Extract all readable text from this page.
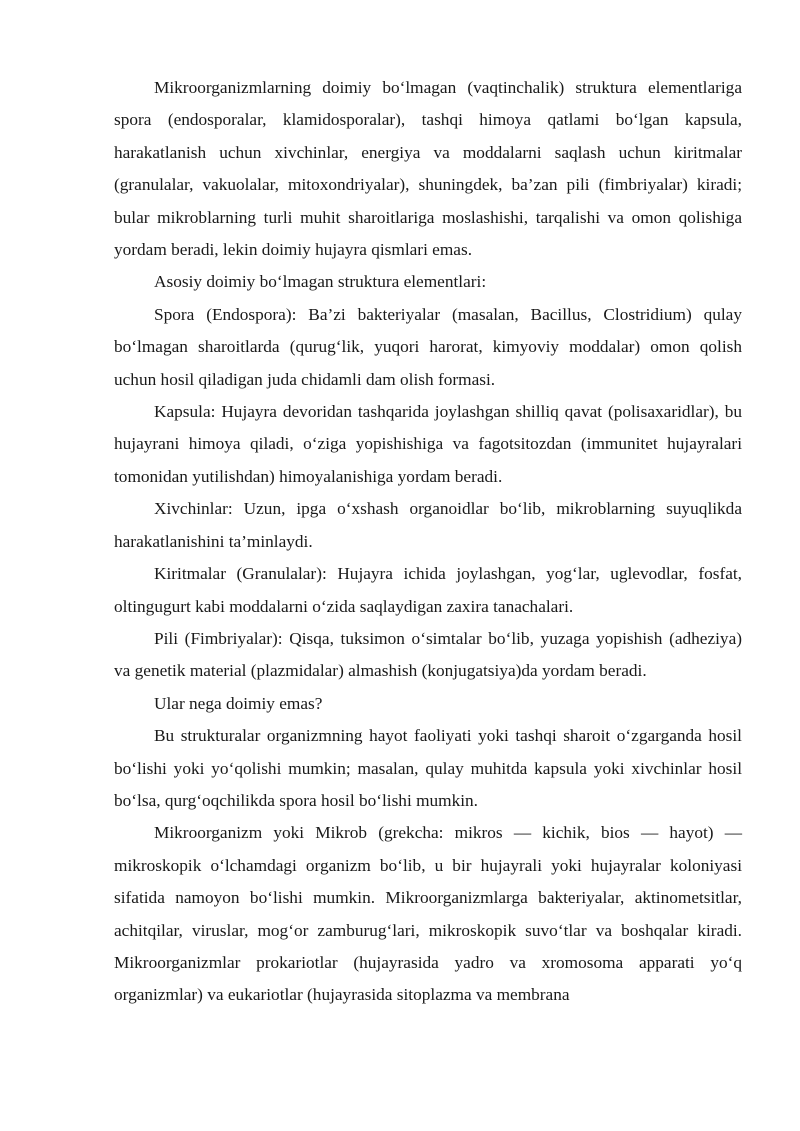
Mikroorganizmlarning doimiy bo‘lmagan (vaqtinchalik) struktura elementlariga spora (endosporalar, klamidosporalar), tashqi himoya qatlami bo‘lgan kapsula, harakatlanish uchun xivchinlar, energiya va moddalarni saqlash uchun kiritmalar (granulalar, vakuolalar, mitoxondriyalar), shuningdek, ba’zan pili (fimbriyalar) kiradi; bular mikroblarning turli muhit sharoitlariga moslashishi, tarqalishi va omon qolishiga yordam beradi, lekin doimiy hujayra qismlari emas.

Asosiy doimiy bo‘lmagan struktura elementlari:

Spora (Endospora): Ba’zi bakteriyalar (masalan, Bacillus, Clostridium) qulay bo‘lmagan sharoitlarda (qurug‘lik, yuqori harorat, kimyoviy moddalar) omon qolish uchun hosil qiladigan juda chidamli dam olish formasi.

Kapsula: Hujayra devoridan tashqarida joylashgan shilliq qavat (polisaxaridlar), bu hujayrani himoya qiladi, o‘ziga yopishishiga va fagotsitozdan (immunitet hujayralari tomonidan yutilishdan) himoyalanishiga yordam beradi.

Xivchinlar: Uzun, ipga o‘xshash organoidlar bo‘lib, mikroblarning suyuqlikda harakatlanishini ta’minlaydi.

Kiritmalar (Granulalar): Hujayra ichida joylashgan, yog‘lar, uglevodlar, fosfat, oltingugurt kabi moddalarni o‘zida saqlaydigan zaxira tanachalari.

Pili (Fimbriyalar): Qisqa, tuksimon o‘simtalar bo‘lib, yuzaga yopishish (adheziya) va genetik material (plazmidalar) almashish (konjugatsiya)da yordam beradi.

Ular nega doimiy emas?

Bu strukturalar organizmning hayot faoliyati yoki tashqi sharoit o‘zgarganda hosil bo‘lishi yoki yo‘qolishi mumkin; masalan, qulay muhitda kapsula yoki xivchinlar hosil bo‘lsa, qurg‘oqchilikda spora hosil bo‘lishi mumkin.

Mikroorganizm yoki Mikrob (grekcha: mikros — kichik, bios — hayot) — mikroskopik o‘lchamdagi organizm bo‘lib, u bir hujayrali yoki hujayralar koloniyasi sifatida namoyon bo‘lishi mumkin. Mikroorganizmlarga bakteriyalar, aktinometsitlar, achitqilar, viruslar, mog‘or zamburug‘lari, mikroskopik suvo‘tlar va boshqalar kiradi. Mikroorganizmlar prokariotlar (hujayrasida yadro va xromosoma apparati yo‘q organizmlar) va eukariotlar (hujayrasida sitoplazma va membrana
